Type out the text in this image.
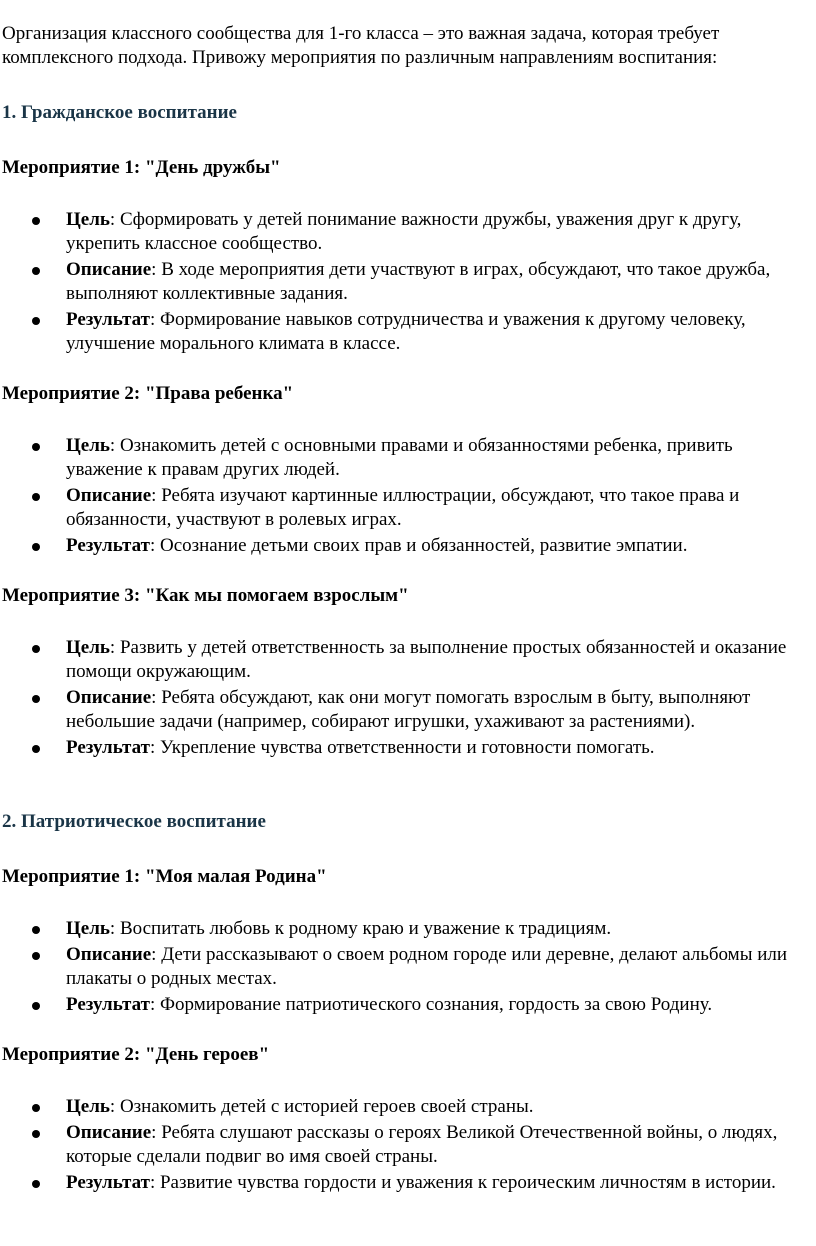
Организация классного сообщества для 1-го класса – это важная задача, которая требует комплексного подхода. Привожу мероприятия по различным направлениям воспитания:

1. Гражданское воспитание

Мероприятие 1: "День дружбы"

Цель: Сформировать у детей понимание важности дружбы, уважения друг к другу, укрепить классное сообщество.
Описание: В ходе мероприятия дети участвуют в играх, обсуждают, что такое дружба, выполняют коллективные задания.
Результат: Формирование навыков сотрудничества и уважения к другому человеку, улучшение морального климата в классе.

Мероприятие 2: "Права ребенка"

Цель: Ознакомить детей с основными правами и обязанностями ребенка, привить уважение к правам других людей.
Описание: Ребята изучают картинные иллюстрации, обсуждают, что такое права и обязанности, участвуют в ролевых играх.
Результат: Осознание детьми своих прав и обязанностей, развитие эмпатии.

Мероприятие 3: "Как мы помогаем взрослым"

Цель: Развить у детей ответственность за выполнение простых обязанностей и оказание помощи окружающим.
Описание: Ребята обсуждают, как они могут помогать взрослым в быту, выполняют небольшие задачи (например, собирают игрушки, ухаживают за растениями).
Результат: Укрепление чувства ответственности и готовности помогать.

2. Патриотическое воспитание

Мероприятие 1: "Моя малая Родина"

Цель: Воспитать любовь к родному краю и уважение к традициям.
Описание: Дети рассказывают о своем родном городе или деревне, делают альбомы или плакаты о родных местах.
Результат: Формирование патриотического сознания, гордость за свою Родину.

Мероприятие 2: "День героев"

Цель: Ознакомить детей с историей героев своей страны.
Описание: Ребята слушают рассказы о героях Великой Отечественной войны, о людях, которые сделали подвиг во имя своей страны.
Результат: Развитие чувства гордости и уважения к героическим личностям в истории.
